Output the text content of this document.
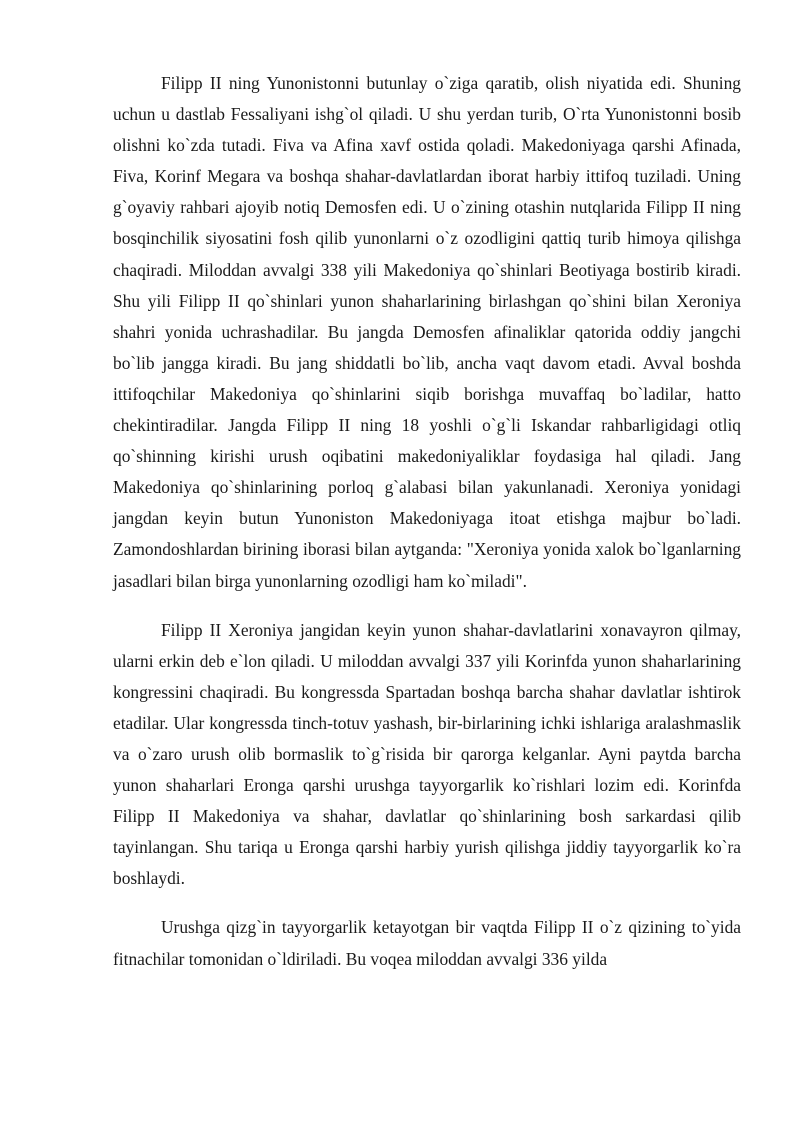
Filipp II ning Yunonistonni butunlay o`ziga qaratib, olish niyatida edi. Shuning uchun u dastlab Fessaliyani ishg`ol qiladi. U shu yerdan turib, O`rta Yunonistonni bosib olishni ko`zda tutadi. Fiva va Afina xavf ostida qoladi. Makedoniyaga qarshi Afinada, Fiva, Korinf Megara va boshqa shahar-davlatlardan iborat harbiy ittifoq tuziladi. Uning g`oyaviy rahbari ajoyib notiq Demosfen edi. U o`zining otashin nutqlarida Filipp II ning bosqinchilik siyosatini fosh qilib yunonlarni o`z ozodligini qattiq turib himoya qilishga chaqiradi. Miloddan avvalgi 338 yili Makedoniya qo`shinlari Beotiyaga bostirib kiradi. Shu yili Filipp II qo`shinlari yunon shaharlarining birlashgan qo`shini bilan Xeroniya shahri yonida uchrashadilar. Bu jangda Demosfen afinaliklar qatorida oddiy jangchi bo`lib jangga kiradi. Bu jang shiddatli bo`lib, ancha vaqt davom etadi. Avval boshda ittifoqchilar Makedoniya qo`shinlarini siqib borishga muvaffaq bo`ladilar, hatto chekintiradilar. Jangda Filipp II ning 18 yoshli o`g`li Iskandar rahbarligidagi otliq qo`shinning kirishi urush oqibatini makedoniyaliklar foydasiga hal qiladi. Jang Makedoniya qo`shinlarining porloq g`alabasi bilan yakunlanadi. Xeroniya yonidagi jangdan keyin butun Yunoniston Makedoniyaga itoat etishga majbur bo`ladi. Zamondoshlardan birining iborasi bilan aytganda: "Xeroniya yonida xalok bo`lganlarning jasadlari bilan birga yunonlarning ozodligi ham ko`miladi".

Filipp II Xeroniya jangidan keyin yunon shahar-davlatlarini xonavayron qilmay, ularni erkin deb e`lon qiladi. U miloddan avvalgi 337 yili Korinfda yunon shaharlarining kongressini chaqiradi. Bu kongressda Spartadan boshqa barcha shahar davlatlar ishtirok etadilar. Ular kongressda tinch-totuv yashash, bir-birlarining ichki ishlariga aralashmaslik va o`zaro urush olib bormaslik to`g`risida bir qarorga kelganlar. Ayni paytda barcha yunon shaharlari Eronga qarshi urushga tayyorgarlik ko`rishlari lozim edi. Korinfda Filipp II Makedoniya va shahar, davlatlar qo`shinlarining bosh sarkardasi qilib tayinlangan. Shu tariqa u Eronga qarshi harbiy yurish qilishga jiddiy tayyorgarlik ko`ra boshlaydi.

Urushga qizg`in tayyorgarlik ketayotgan bir vaqtda Filipp II o`z qizining to`yida fitnachilar tomonidan o`ldiriladi. Bu voqea miloddan avvalgi 336 yilda
